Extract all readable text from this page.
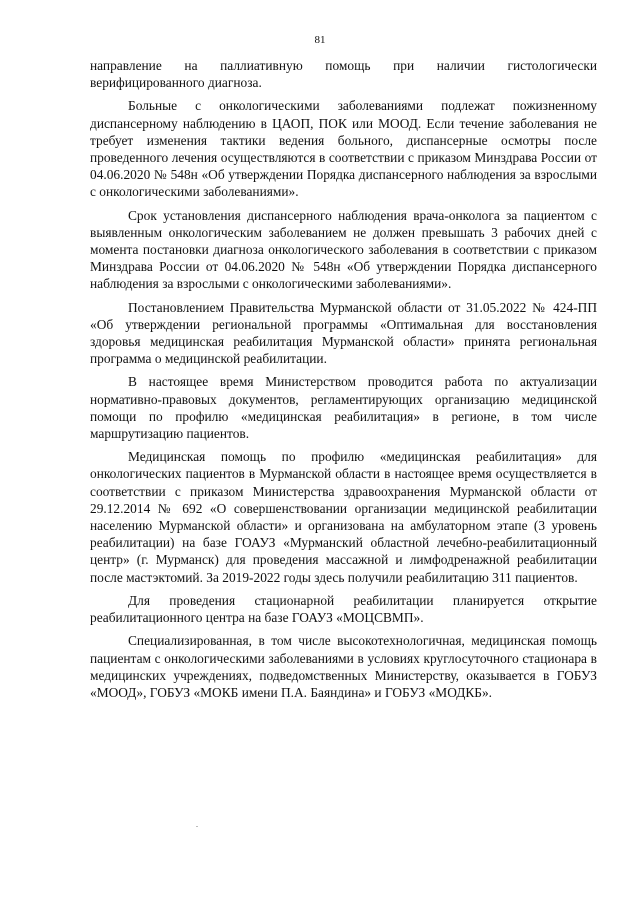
81

направление на паллиативную помощь при наличии гистологически верифицированного диагноза.

Больные с онкологическими заболеваниями подлежат пожизненному диспансерному наблюдению в ЦАОП, ПОК или МООД. Если течение заболевания не требует изменения тактики ведения больного, диспансерные осмотры после проведенного лечения осуществляются в соответствии с приказом Минздрава России от 04.06.2020 № 548н «Об утверждении Порядка диспансерного наблюдения за взрослыми с онкологическими заболеваниями».

Срок установления диспансерного наблюдения врача-онколога за пациентом с выявленным онкологическим заболеванием не должен превышать 3 рабочих дней с момента постановки диагноза онкологического заболевания в соответствии с приказом Минздрава России от 04.06.2020 № 548н «Об утверждении Порядка диспансерного наблюдения за взрослыми с онкологическими заболеваниями».

Постановлением Правительства Мурманской области от 31.05.2022 № 424-ПП «Об утверждении региональной программы «Оптимальная для восстановления здоровья медицинская реабилитация Мурманской области» принята региональная программа о медицинской реабилитации.

В настоящее время Министерством проводится работа по актуализации нормативно-правовых документов, регламентирующих организацию медицинской помощи по профилю «медицинская реабилитация» в регионе, в том числе маршрутизацию пациентов.

Медицинская помощь по профилю «медицинская реабилитация» для онкологических пациентов в Мурманской области в настоящее время осуществляется в соответствии с приказом Министерства здравоохранения Мурманской области от 29.12.2014 № 692 «О совершенствовании организации медицинской реабилитации населению Мурманской области» и организована на амбулаторном этапе (3 уровень реабилитации) на базе ГОАУЗ «Мурманский областной лечебно-реабилитационный центр» (г. Мурманск) для проведения массажной и лимфодренажной реабилитации после мастэктомий. За 2019-2022 годы здесь получили реабилитацию 311 пациентов.

Для проведения стационарной реабилитации планируется открытие реабилитационного центра на базе ГОАУЗ «МОЦСВМП».

Специализированная, в том числе высокотехнологичная, медицинская помощь пациентам с онкологическими заболеваниями в условиях круглосуточного стационара в медицинских учреждениях, подведомственных Министерству, оказывается в ГОБУЗ «МООД», ГОБУЗ «МОКБ имени П.А. Баяндина» и ГОБУЗ «МОДКБ».
